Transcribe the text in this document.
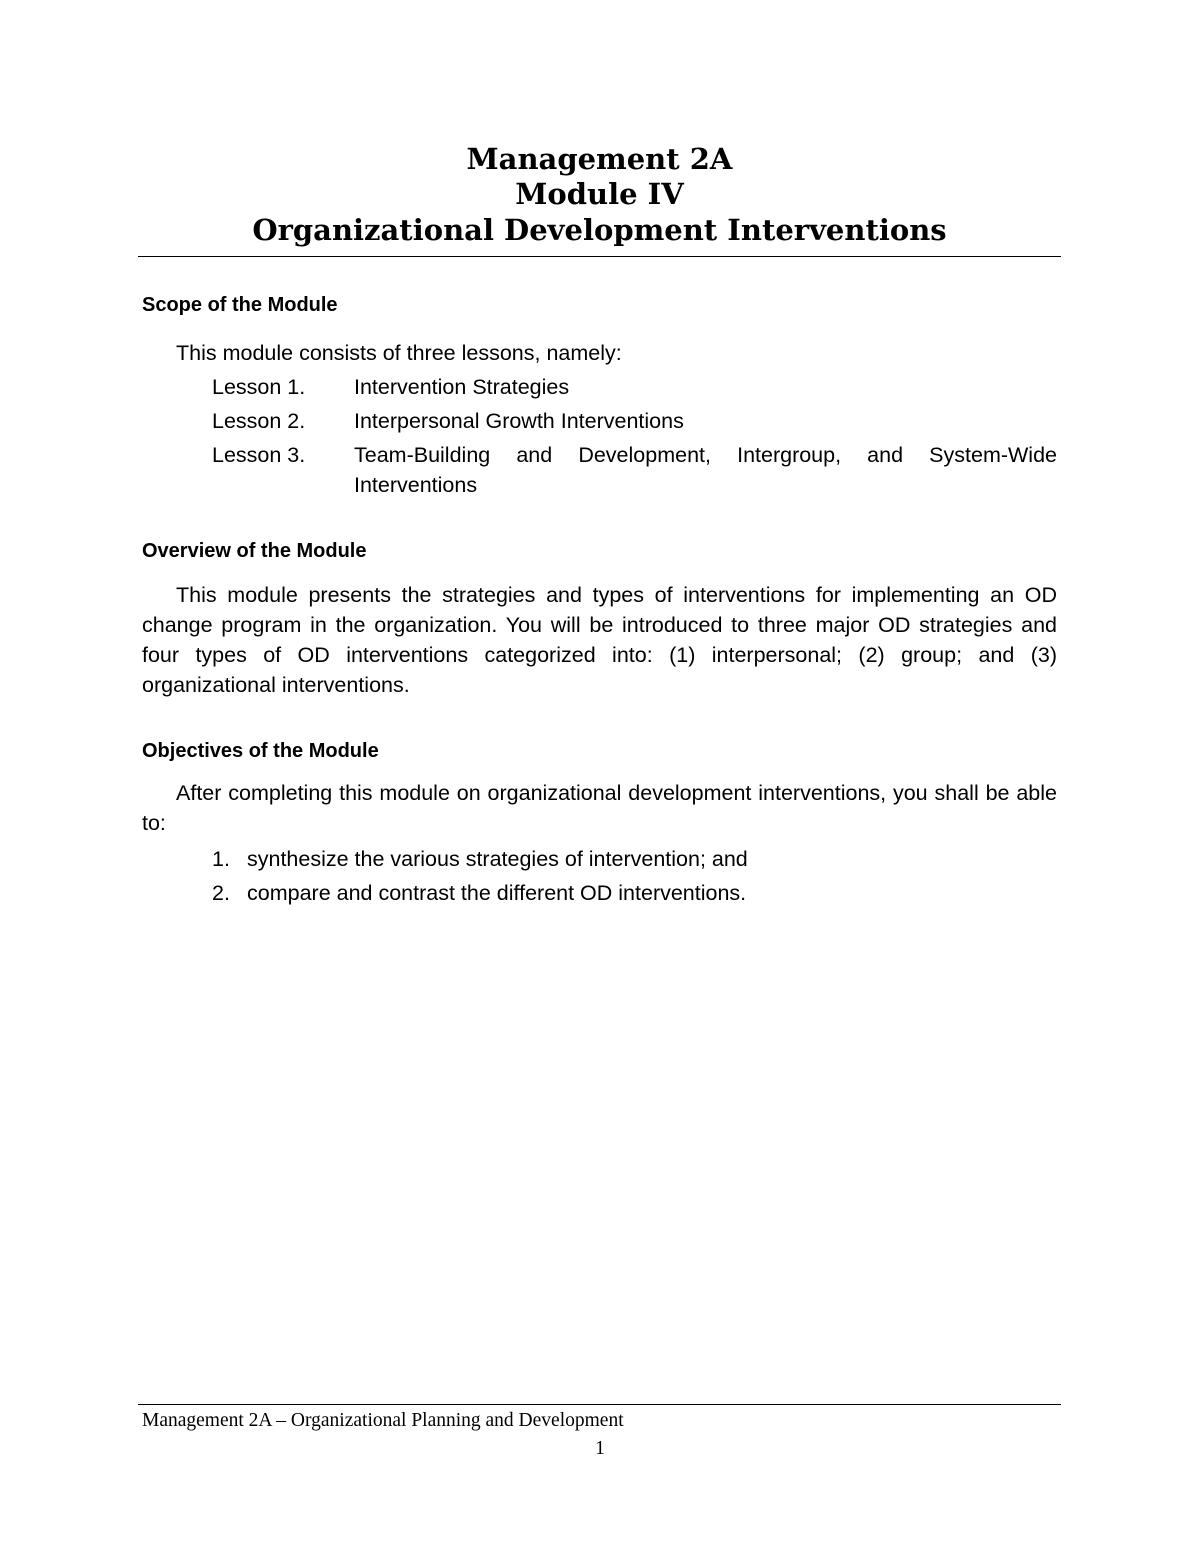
Management 2A
Module IV
Organizational Development Interventions

Scope of the Module

This module consists of three lessons, namely:

Lesson 1.	Intervention Strategies
Lesson 2.	Interpersonal Growth Interventions
Lesson 3.	Team-Building and Development, Intergroup, and System-Wide Interventions

Overview of the Module

This module presents the strategies and types of interventions for implementing an OD change program in the organization. You will be introduced to three major OD strategies and four types of OD interventions categorized into: (1) interpersonal; (2) group; and (3) organizational interventions.

Objectives of the Module

After completing this module on organizational development interventions, you shall be able to:

1. synthesize the various strategies of intervention; and
2. compare and contrast the different OD interventions.
Management 2A – Organizational Planning and Development
1
